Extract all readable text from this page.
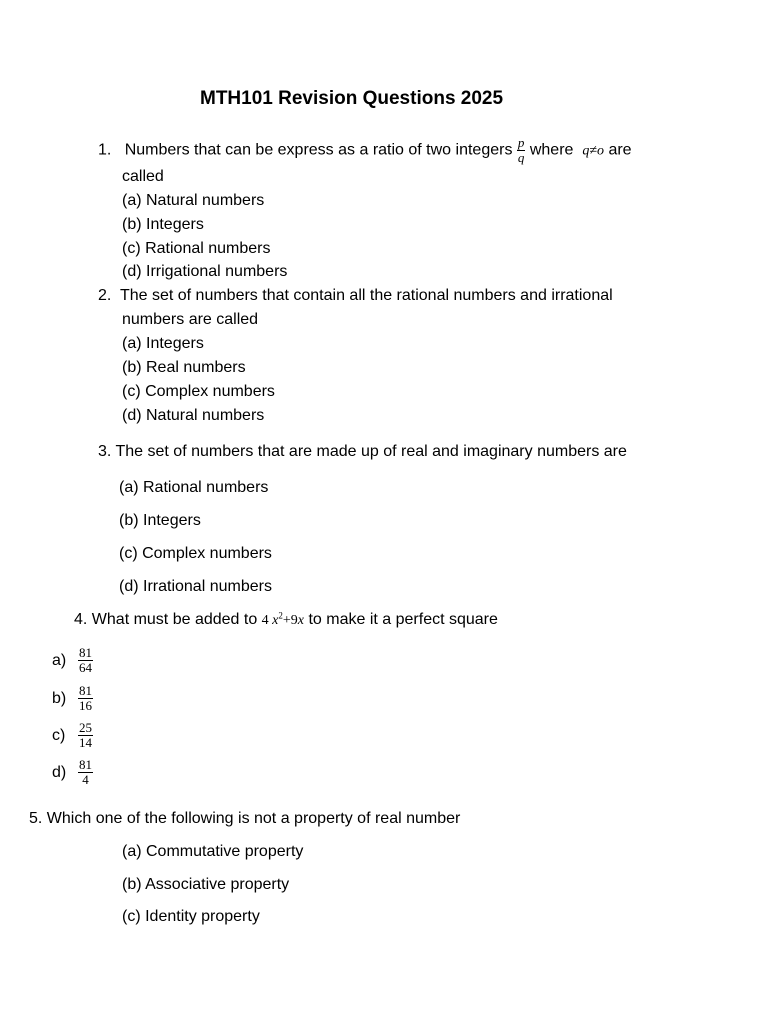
MTH101 Revision Questions 2025
1. Numbers that can be express as a ratio of two integers $\frac{p}{q}$ where q≠o are
called
(a) Natural numbers
(b) Integers
(c) Rational numbers
(d) Irrigational numbers
2. The set of numbers that contain all the rational numbers and irrational
numbers are called
(a) Integers
(b) Real numbers
(c) Complex numbers
(d) Natural numbers
3. The set of numbers that are made up of real and imaginary numbers are
(a) Rational numbers
(b) Integers
(c) Complex numbers
(d) Irrational numbers
4. What must be added to 4 $x^2+9x$ to make it a perfect square
$a) \frac{81}{64}$
$b) \frac{81}{16}$
$c) \frac{25}{14}$
$d) \frac{81}{4}$
5. Which one of the following is not a property of real number
(a) Commutative property
(b) Associative property
(c) Identity property
